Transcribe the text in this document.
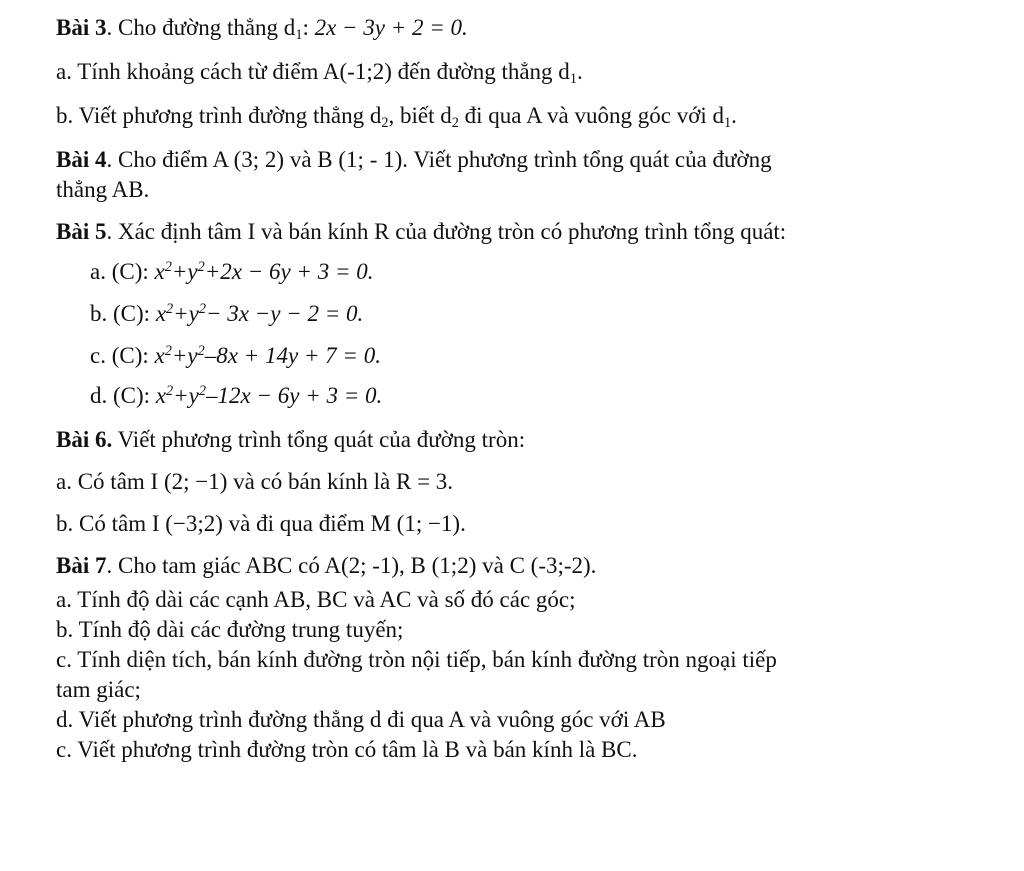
Bài 3. Cho đường thẳng $d_1$: 2x − 3y + 2 = 0.
a. Tính khoảng cách từ điểm A(-1;2) đến đường thẳng $d_1$.
b. Viết phương trình đường thẳng $d_2$, biết $d_2$ đi qua A và vuông góc với $d_1$.
Bài 4. Cho điểm A (3; 2) và B (1; - 1). Viết phương trình tổng quát của đường
thẳng AB.
Bài 5. Xác định tâm I và bán kính R của đường tròn có phương trình tổng quát:
a. (C): $x^2+y^2+2x - 6y + 3 = 0$.
b. (C): $x^2+y^2- 3x -y - 2 = 0$.
c. (C): $x^2+y^2-8x + 14y + 7 = 0$.
d. (C): $x^2+y^2-12x - 6y + 3 = 0$.
Bài 6. Viết phương trình tổng quát của đường tròn:
a. Có tâm I (2; −1) và có bán kính là R = 3.
b. Có tâm I (−3;2) và đi qua điểm M (1; −1).
Bài 7. Cho tam giác ABC có A(2; -1), B (1;2) và C (-3;-2).
a. Tính độ dài các cạnh AB, BC và AC và số đó các góc;
b. Tính độ dài các đường trung tuyến;
c. Tính diện tích, bán kính đường tròn nội tiếp, bán kính đường tròn ngoại tiếp
tam giác;
d. Viết phương trình đường thẳng d đi qua A và vuông góc với AB
c. Viết phương trình đường tròn có tâm là B và bán kính là BC.
